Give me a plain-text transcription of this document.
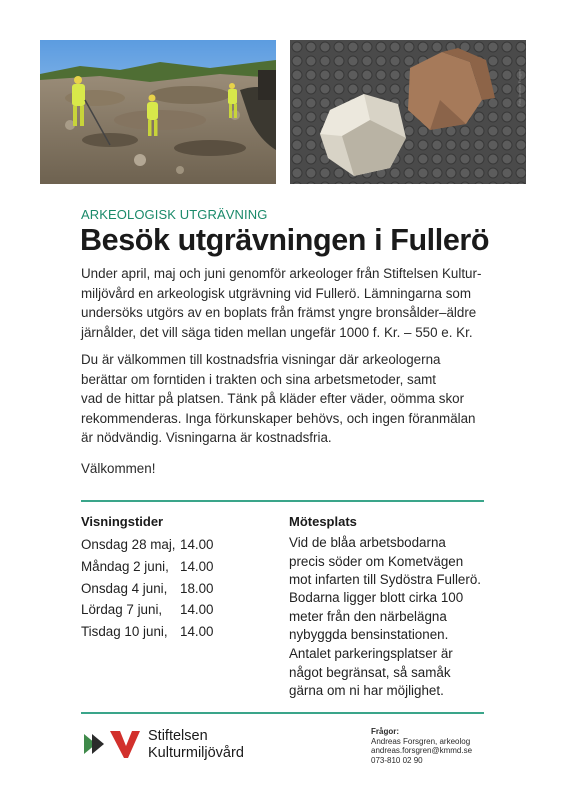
Foto: Andreas Forsgren
ARKEOLOGISK UTGRÄVNING
Besök utgrävningen i Fullerö

Under april, maj och juni genomför arkeologer från Stiftelsen Kultur-
miljövård en arkeologisk utgrävning vid Fullerö. Lämningarna som
undersöks utgörs av en boplats från främst yngre bronsålder–äldre
järnålder, det vill säga tiden mellan ungefär 1000 f. Kr. – 550 e. Kr.

Du är välkommen till kostnadsfria visningar där arkeologerna
berättar om forntiden i trakten och sina arbetsmetoder, samt
vad de hittar på platsen. Tänk på kläder efter väder, oömma skor
rekommenderas. Inga förkunskaper behövs, och ingen föranmälan
är nödvändig. Visningarna är kostnadsfria.

Välkommen!

Visningstider
Onsdag 28 maj, 14.00
Måndag 2 juni, 14.00
Onsdag 4 juni, 18.00
Lördag 7 juni, 14.00
Tisdag 10 juni, 14.00
Mötesplats

Vid de blåa arbetsbodarna
precis söder om Kometvägen
mot infarten till Sydöstra Fullerö.

Bodarna ligger blott cirka 100
meter från den närbelägna
nybyggda bensinstationen.

Antalet parkeringsplatser är
något begränsat, så samåk
gärna om ni har möjlighet.

Stiftelsen
Kulturmiljövård
Frågor:
Andreas Forsgren, arkeolog
andreas.forsgren@kmmd.se
073-810 02 90
